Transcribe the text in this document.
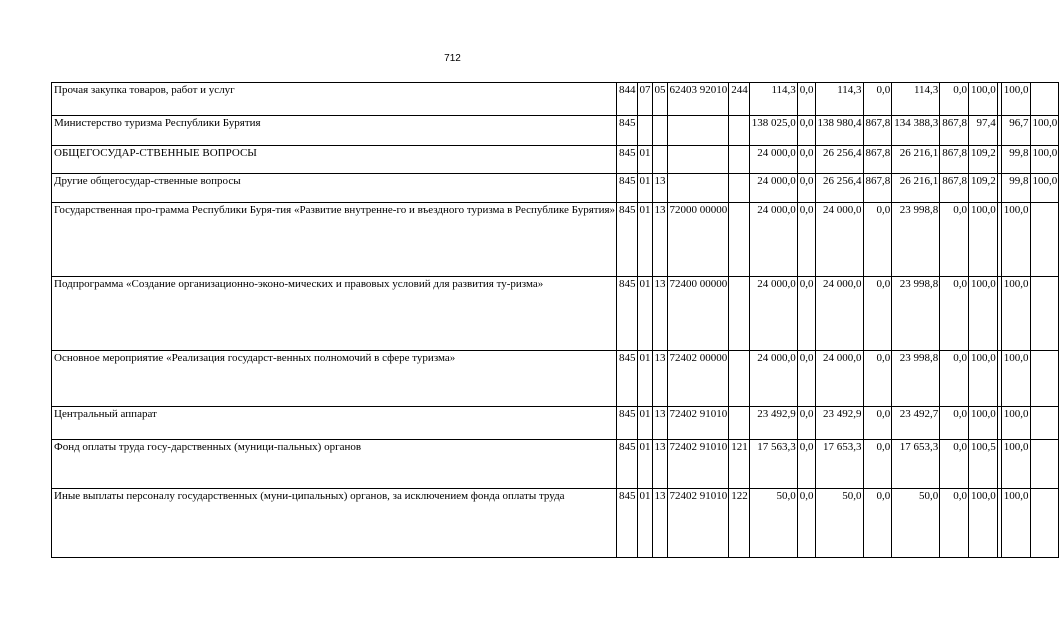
712
Прочая закупка товаров, работ и услуг	844	07	05	62403 92010	244	114,3	0,0	114,3	0,0	114,3	0,0	100,0		100,0	
Министерство туризма Республики Бурятия	845					138 025,0	0,0	138 980,4	867,8	134 388,3	867,8	97,4		96,7	100,0
ОБЩЕГОСУДАР-СТВЕННЫЕ ВОПРОСЫ	845	01				24 000,0	0,0	26 256,4	867,8	26 216,1	867,8	109,2		99,8	100,0
Другие общегосудар-ственные вопросы	845	01	13			24 000,0	0,0	26 256,4	867,8	26 216,1	867,8	109,2		99,8	100,0
Государственная про-грамма Республики Буря-тия «Развитие внутренне-го и въездного туризма в Республике Бурятия»	845	01	13	72000 00000		24 000,0	0,0	24 000,0	0,0	23 998,8	0,0	100,0		100,0	
Подпрограмма «Создание организационно-эконо-мических и правовых условий для развития ту-ризма»	845	01	13	72400 00000		24 000,0	0,0	24 000,0	0,0	23 998,8	0,0	100,0		100,0	
Основное мероприятие «Реализация государст-венных полномочий в сфере туризма»	845	01	13	72402 00000		24 000,0	0,0	24 000,0	0,0	23 998,8	0,0	100,0		100,0	
Центральный аппарат	845	01	13	72402 91010		23 492,9	0,0	23 492,9	0,0	23 492,7	0,0	100,0		100,0	
Фонд оплаты труда госу-дарственных (муници-пальных) органов	845	01	13	72402 91010	121	17 563,3	0,0	17 653,3	0,0	17 653,3	0,0	100,5		100,0	
Иные выплаты персоналу государственных (муни-ципальных) органов, за исключением фонда оплаты труда	845	01	13	72402 91010	122	50,0	0,0	50,0	0,0	50,0	0,0	100,0		100,0	
